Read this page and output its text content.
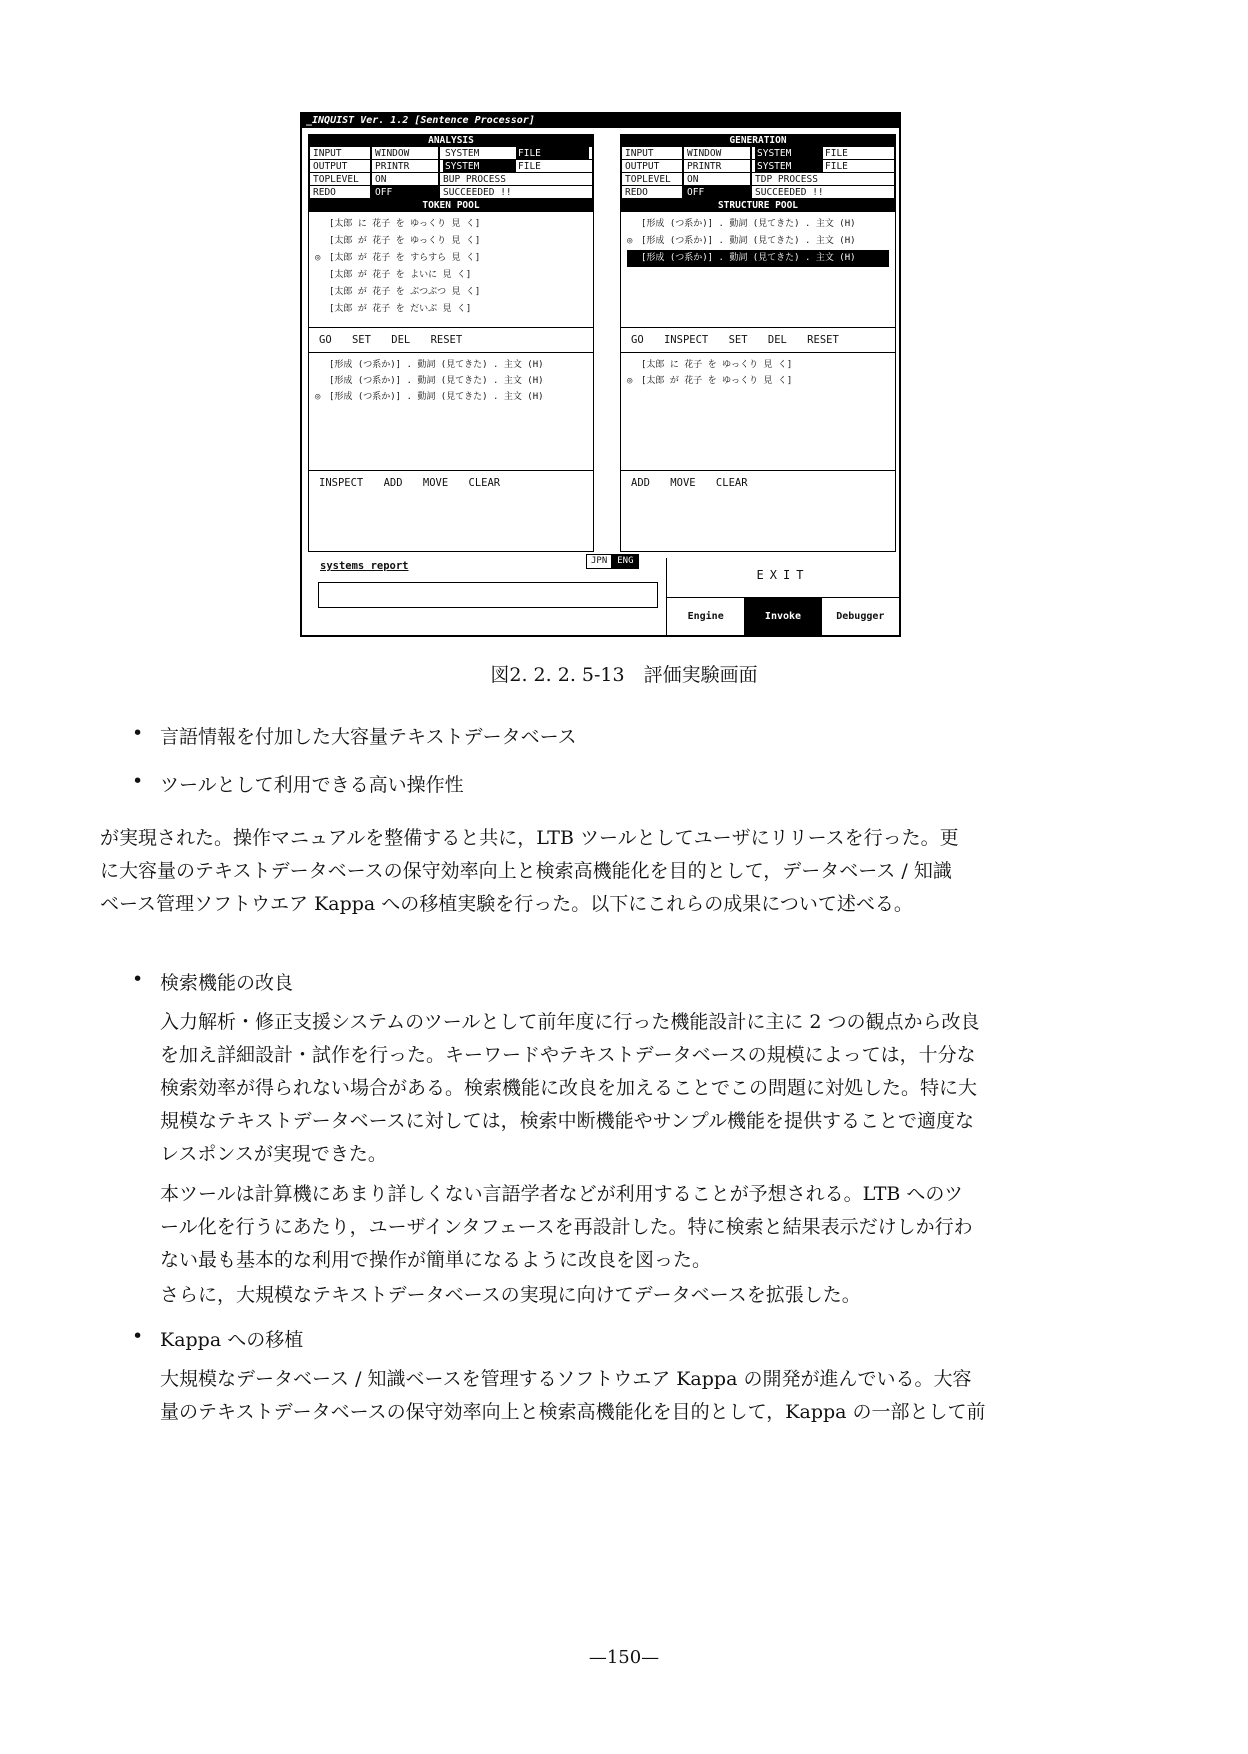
_INQUIST Ver. 1.2 [Sentence Processor]
ANALYSIS
INPUT	WINDOW	SYSTEM	FILE
OUTPUT	PRINTR	SYSTEM	FILE
TOPLEVEL	ON	BUP PROCESS
REDO	OFF	SUCCEEDED !!
TOKEN POOL
[太郎 に 花子 を ゆっくり 見 く]
[太郎 が 花子 を ゆっくり 見 く]
◎ [太郎 が 花子 を すらすら 見 く]
[太郎 が 花子 を よいに 見 く]
[太郎 が 花子 を ぶつぶつ 見 く]
[太郎 が 花子 を だいぶ 見 く]
GO SET DEL RESET
[形成 (つ系か)] . 動詞 (見てきた) . 主文 (H)
[形成 (つ系か)] . 動詞 (見てきた) . 主文 (H)
◎ [形成 (つ系か)] . 動詞 (見てきた) . 主文 (H)
INSPECT ADD MOVE CLEAR
GENERATION
INPUT	WINDOW	SYSTEM	FILE
OUTPUT	PRINTR	SYSTEM	FILE
TOPLEVEL	ON	TDP PROCESS
REDO	OFF	SUCCEEDED !!
STRUCTURE POOL
[形成 (つ系か)] . 動詞 (見てきた) . 主文 (H)
◎ [形成 (つ系か)] . 動詞 (見てきた) . 主文 (H)
[形成 (つ系か)] . 動詞 (見てきた) . 主文 (H)
GO INSPECT SET DEL RESET
[太郎 に 花子 を ゆっくり 見 く]
◎ [太郎 が 花子 を ゆっくり 見 く]
ADD MOVE CLEAR
JPN	ENG
systems report
EXIT
Engine	Invoke	Debugger
図2. 2. 2. 5-13　評価実験画面
• 言語情報を付加した大容量テキストデータベース
• ツールとして利用できる高い操作性
が実現された。操作マニュアルを整備すると共に，LTB ツールとしてユーザにリリースを行った。更
に大容量のテキストデータベースの保守効率向上と検索高機能化を目的として，データベース / 知識
ベース管理ソフトウエア Kappa への移植実験を行った。以下にこれらの成果について述べる。
• 検索機能の改良
入力解析・修正支援システムのツールとして前年度に行った機能設計に主に 2 つの観点から改良
を加え詳細設計・試作を行った。キーワードやテキストデータベースの規模によっては，十分な
検索効率が得られない場合がある。検索機能に改良を加えることでこの問題に対処した。特に大
規模なテキストデータベースに対しては，検索中断機能やサンプル機能を提供することで適度な
レスポンスが実現できた。
本ツールは計算機にあまり詳しくない言語学者などが利用することが予想される。LTB へのツ
ール化を行うにあたり，ユーザインタフェースを再設計した。特に検索と結果表示だけしか行わ
ない最も基本的な利用で操作が簡単になるように改良を図った。
さらに，大規模なテキストデータベースの実現に向けてデータベースを拡張した。
• Kappa への移植
大規模なデータベース / 知識ベースを管理するソフトウエア Kappa の開発が進んでいる。大容
量のテキストデータベースの保守効率向上と検索高機能化を目的として，Kappa の一部として前
—150—
